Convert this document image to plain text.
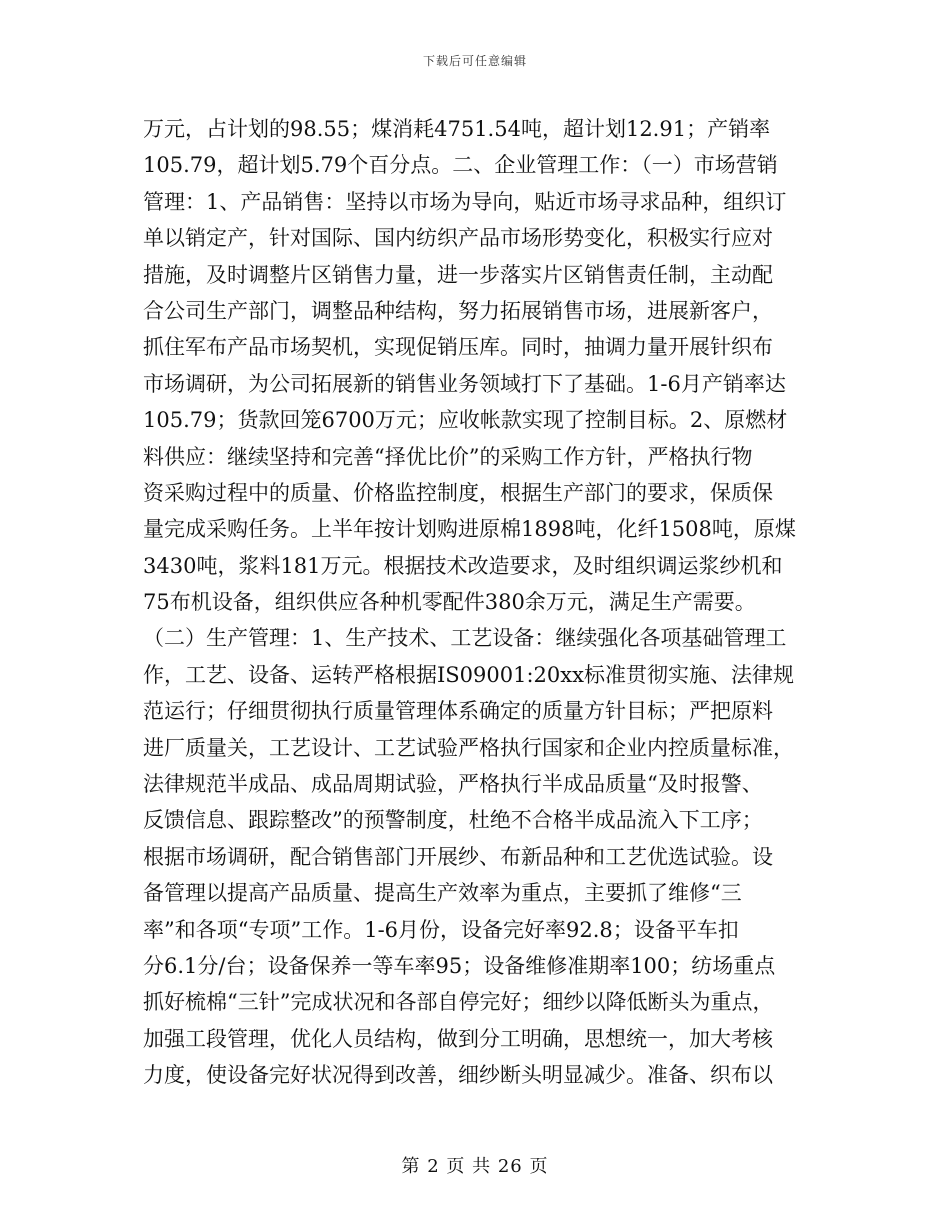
下载后可任意编辑
万元，占计划的98.55；煤消耗4751.54吨，超计划12.91；产销率
105.79，超计划5.79个百分点。二、企业管理工作：（一）市场营销
管理：1、产品销售：坚持以市场为导向，贴近市场寻求品种，组织订
单以销定产，针对国际、国内纺织产品市场形势变化，积极实行应对
措施，及时调整片区销售力量，进一步落实片区销售责任制，主动配
合公司生产部门，调整品种结构，努力拓展销售市场，进展新客户，
抓住军布产品市场契机，实现促销压库。同时，抽调力量开展针织布
市场调研，为公司拓展新的销售业务领域打下了基础。1-6月产销率达
105.79；货款回笼6700万元；应收帐款实现了控制目标。2、原燃材
料供应：继续坚持和完善“择优比价”的采购工作方针，严格执行物
资采购过程中的质量、价格监控制度，根据生产部门的要求，保质保
量完成采购任务。上半年按计划购进原棉1898吨，化纤1508吨，原煤
3430吨，浆料181万元。根据技术改造要求，及时组织调运浆纱机和
75布机设备，组织供应各种机零配件380余万元，满足生产需要。
（二）生产管理：1、生产技术、工艺设备：继续强化各项基础管理工
作，工艺、设备、运转严格根据IS09001:20xx标准贯彻实施、法律规
范运行；仔细贯彻执行质量管理体系确定的质量方针目标；严把原料
进厂质量关，工艺设计、工艺试验严格执行国家和企业内控质量标准，
法律规范半成品、成品周期试验，严格执行半成品质量“及时报警、
反馈信息、跟踪整改”的预警制度，杜绝不合格半成品流入下工序；
根据市场调研，配合销售部门开展纱、布新品种和工艺优选试验。设
备管理以提高产品质量、提高生产效率为重点，主要抓了维修“三
率”和各项“专项”工作。1-6月份，设备完好率92.8；设备平车扣
分6.1分/台；设备保养一等车率95；设备维修准期率100；纺场重点
抓好梳棉“三针”完成状况和各部自停完好；细纱以降低断头为重点，
加强工段管理，优化人员结构，做到分工明确，思想统一，加大考核
力度，使设备完好状况得到改善，细纱断头明显减少。准备、织布以
第 2 页 共 26 页
